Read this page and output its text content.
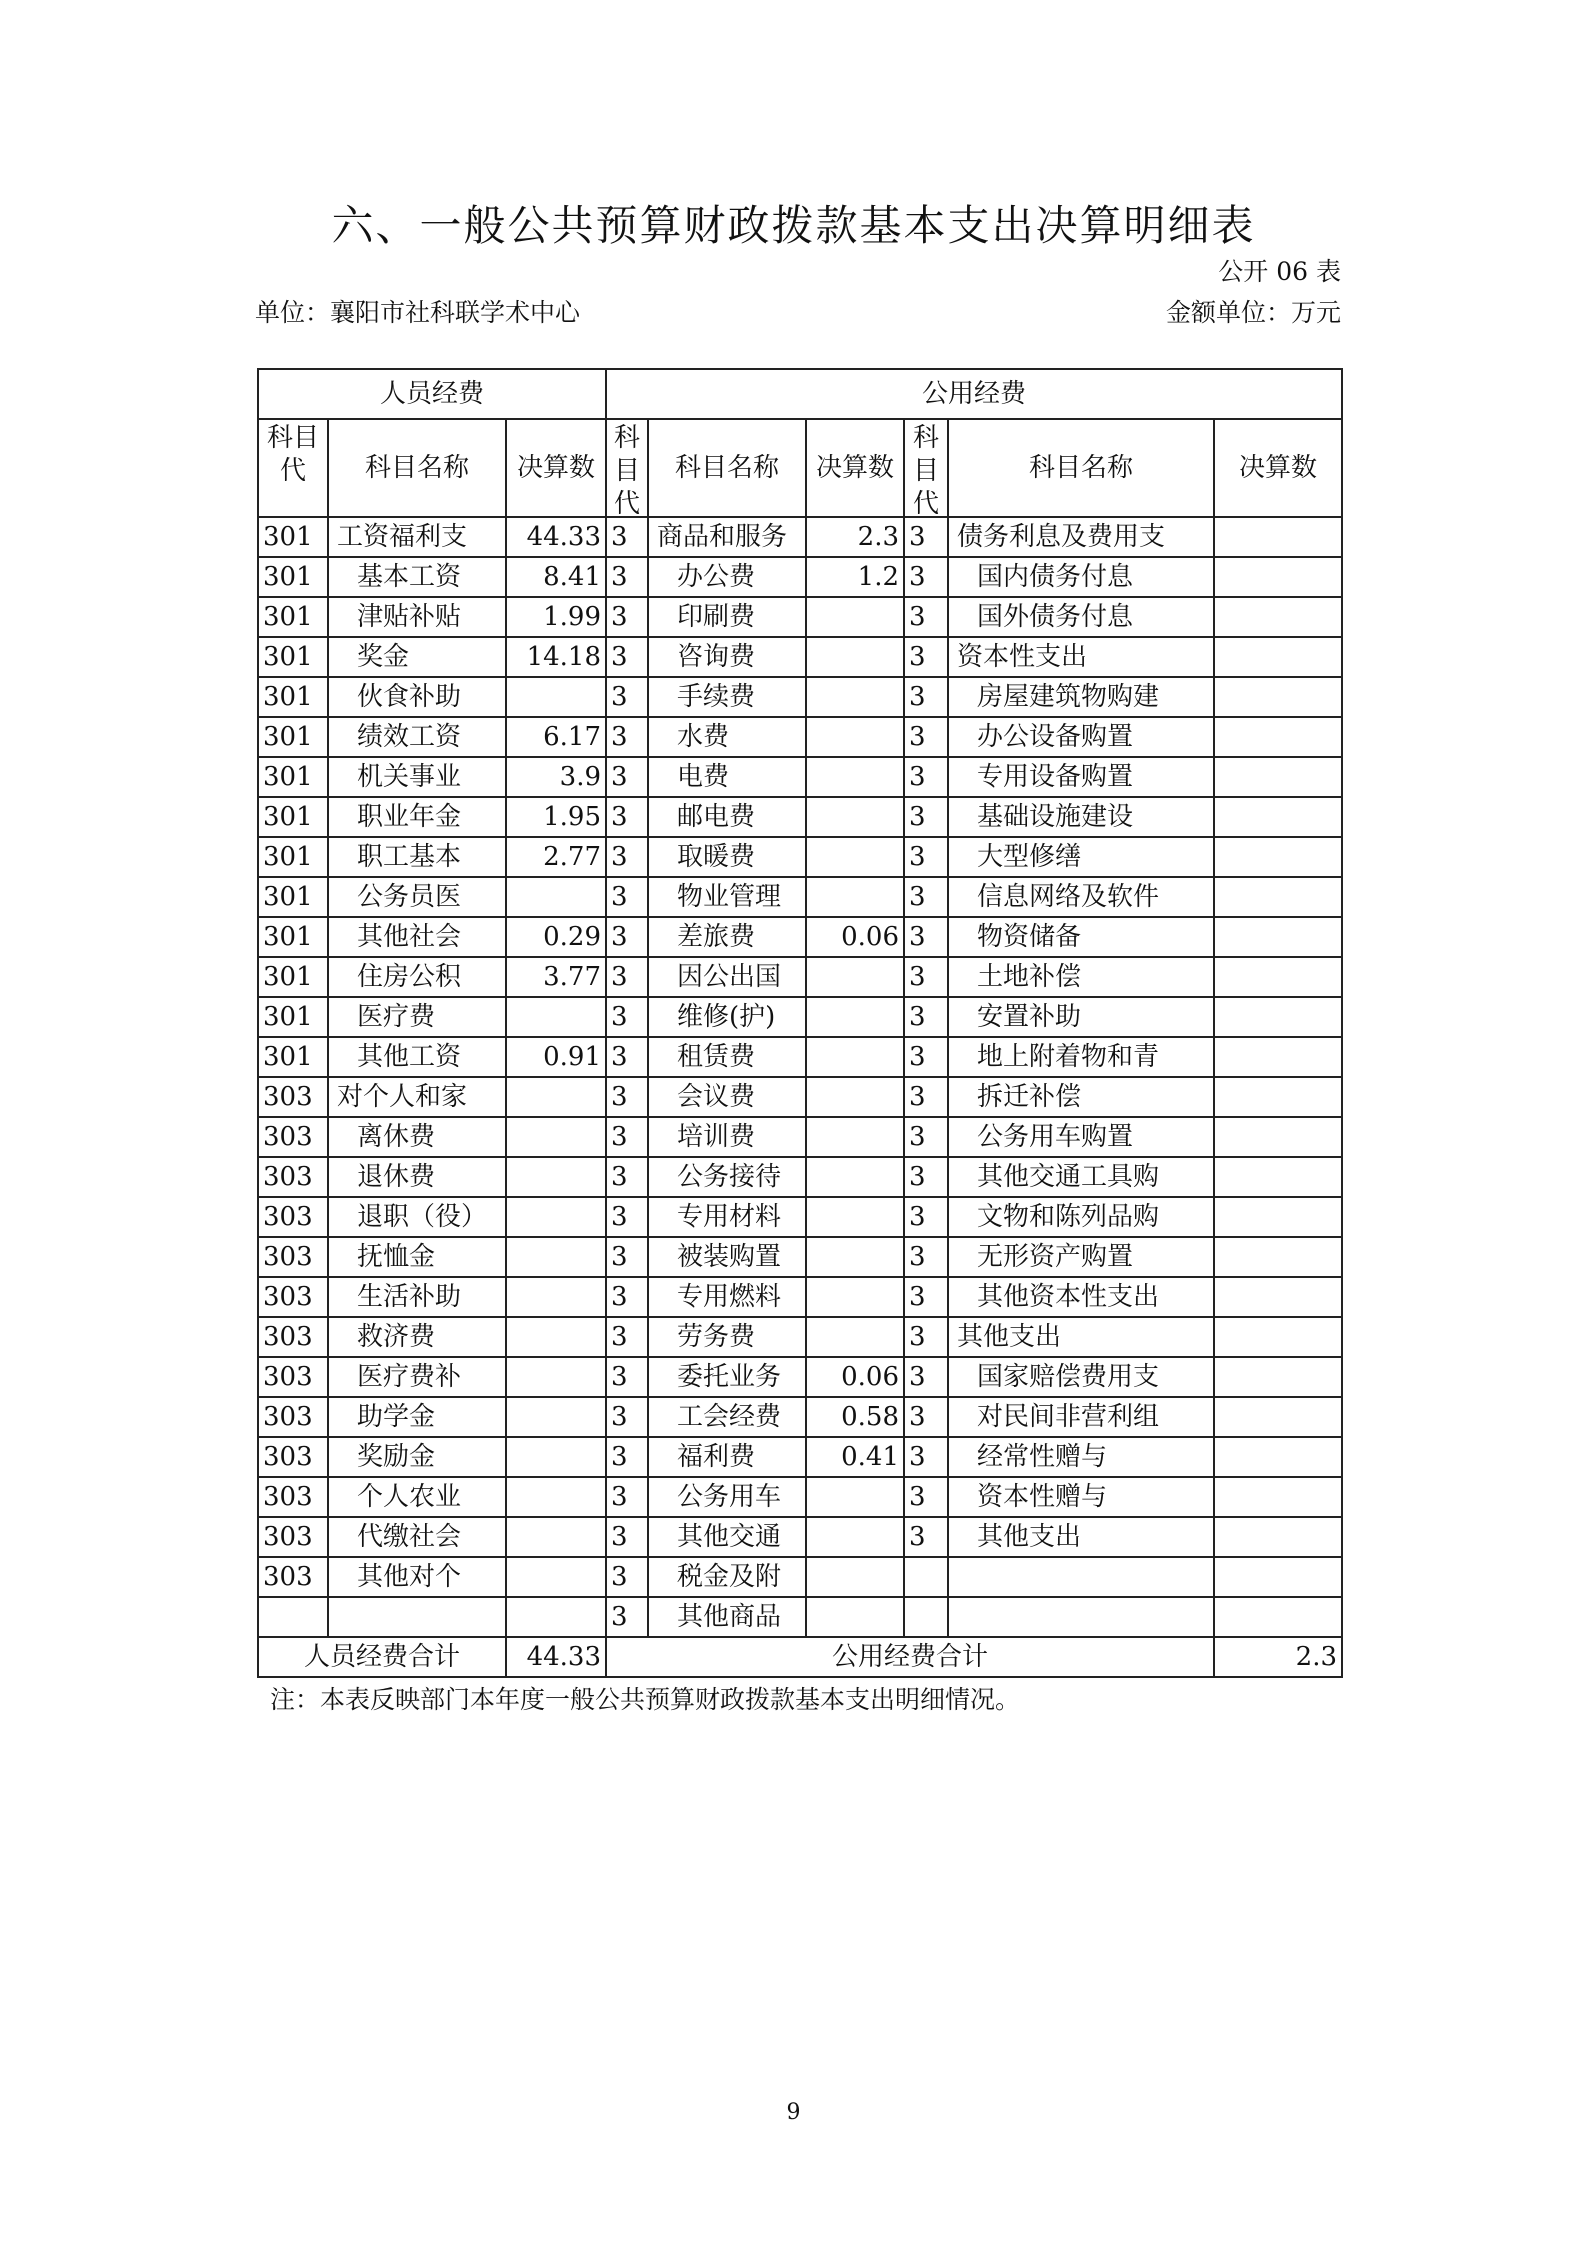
六、一般公共预算财政拨款基本支出决算明细表
公开 06 表
单位：襄阳市社科联学术中心	金额单位：万元
人员经费			公用经费					

科目代	科目名称	决算数	科目代	科目名称	决算数	科目代	科目名称	决算数
301	工资福利支	44.33	3	商品和服务	2.3	3	债务利息及费用支	
301	基本工资	8.41	3	办公费	1.2	3	国内债务付息	
301	津贴补贴	1.99	3	印刷费		3	国外债务付息	
301	奖金	14.18	3	咨询费		3	资本性支出	
301	伙食补助		3	手续费		3	房屋建筑物购建	
301	绩效工资	6.17	3	水费		3	办公设备购置	
301	机关事业	3.9	3	电费		3	专用设备购置	
301	职业年金	1.95	3	邮电费		3	基础设施建设	
301	职工基本	2.77	3	取暖费		3	大型修缮	
301	公务员医		3	物业管理		3	信息网络及软件	
301	其他社会	0.29	3	差旅费	0.06	3	物资储备	
301	住房公积	3.77	3	因公出国		3	土地补偿	
301	医疗费		3	维修(护)		3	安置补助	
301	其他工资	0.91	3	租赁费		3	地上附着物和青	
303	对个人和家		3	会议费		3	拆迁补偿	
303	离休费		3	培训费		3	公务用车购置	
303	退休费		3	公务接待		3	其他交通工具购	
303	退职（役）		3	专用材料		3	文物和陈列品购	
303	抚恤金		3	被装购置		3	无形资产购置	
303	生活补助		3	专用燃料		3	其他资本性支出	
303	救济费		3	劳务费		3	其他支出	
303	医疗费补		3	委托业务	0.06	3	国家赔偿费用支	
303	助学金		3	工会经费	0.58	3	对民间非营利组	
303	奖励金		3	福利费	0.41	3	经常性赠与	
303	个人农业		3	公务用车		3	资本性赠与	
303	代缴社会		3	其他交通		3	其他支出	
303	其他对个		3	税金及附				
			3	其他商品				
人员经费合计		44.33	公用经费合计					2.3
注：本表反映部门本年度一般公共预算财政拨款基本支出明细情况。
9
